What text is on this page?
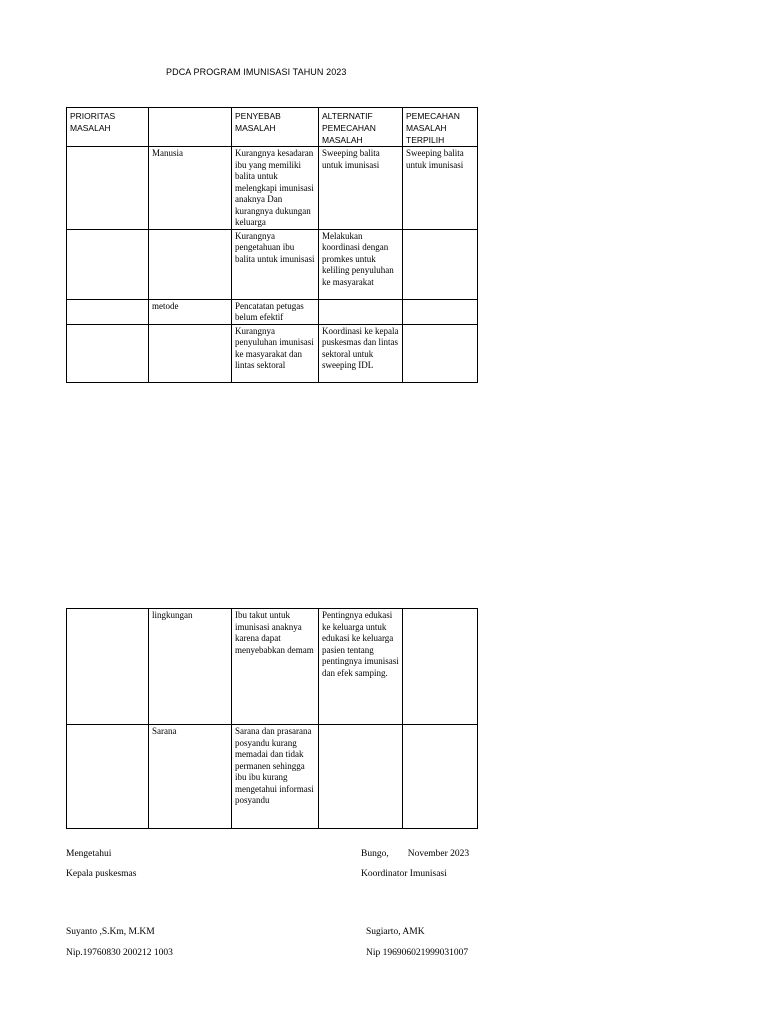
PDCA PROGRAM IMUNISASI TAHUN 2023
PRIORITAS MASALAH		PENYEBAB MASALAH	ALTERNATIF PEMECAHAN MASALAH	PEMECAHAN MASALAH TERPILIH
	Manusia	Kurangnya kesadaran ibu yang memiliki balita untuk melengkapi imunisasi anaknya Dan kurangnya dukungan keluarga	Sweeping balita untuk imunisasi	Sweeping balita untuk imunisasi
		Kurangnya pengetahuan ibu balita untuk imunisasi	Melakukan koordinasi dengan promkes untuk keliling penyuluhan ke masyarakat	
	metode	Pencatatan petugas belum efektif		
		Kurangnya penyuluhan imunisasi ke masyarakat dan lintas sektoral	Koordinasi ke kepala puskesmas dan lintas sektoral untuk sweeping IDL	
	lingkungan	Ibu takut untuk imunisasi anaknya karena dapat menyebabkan demam	Pentingnya edukasi ke keluarga untuk edukasi ke keluarga pasien tentang pentingnya imunisasi dan efek samping.	
	Sarana	Sarana dan prasarana posyandu kurang memadai dan tidak permanen sehingga ibu ibu kurang mengetahui informasi posyandu		
Mengetahui
Kepala puskesmas
Suyanto ,S.Km, M.KM
Nip.19760830 200212 1003
Bungo,        November 2023
Koordinator Imunisasi
Sugiarto, AMK
Nip 196906021999031007
